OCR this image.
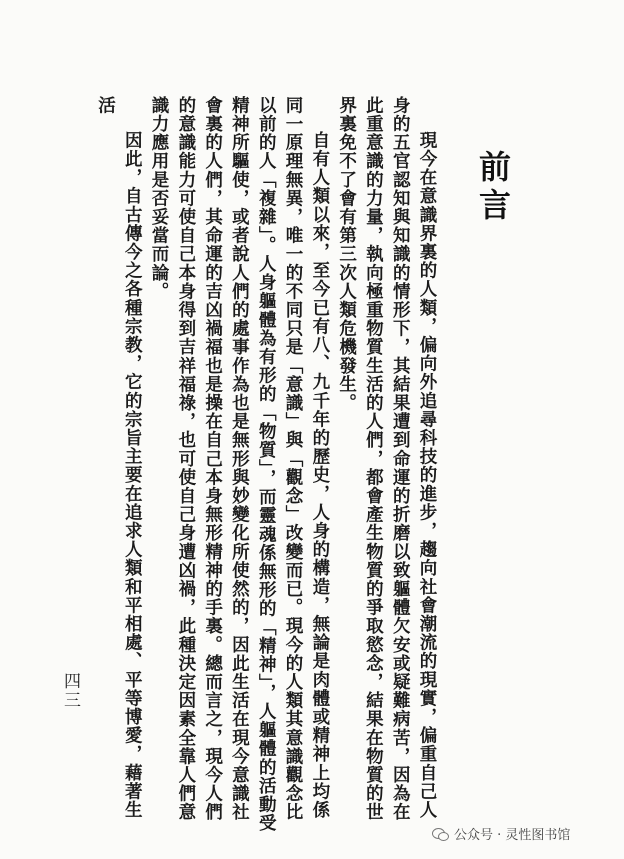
前言

現今在意識界裏的人類，偏向外追尋科技的進步，趨向社會潮流的現實，偏重自己人身的五官認知與知識的情形下，其結果遭到命運的折磨以致軀體欠安或疑難病苦，因為在此重意識的力量，執向極重物質生活的人們，都會產生物質的爭取慾念，結果在物質的世界裏免不了會有第三次人類危機發生。

自有人類以來，至今已有八、九千年的歷史，人身的構造，無論是肉體或精神上均係同一原理無異，唯一的不同只是「意識」與「觀念」改變而已。現今的人類其意識觀念比以前的人「複雜」。人身軀體為有形的「物質」，而靈魂係無形的「精神」，人軀體的活動受精神所驅使，或者說人們的處事作為也是無形與妙變化所使然的，因此生活在現今意識社會裏的人們，其命運的吉凶禍福也是操在自己本身無形精神的手裏。總而言之，現今人們的意識能力可使自己本身得到吉祥福祿，也可使自己身遭凶禍，此種決定因素全靠人們意識力應用是否妥當而論。

因此，自古傳今之各種宗教，它的宗旨主要在追求人類和平相處、平等博愛，藉著生活

四三
公众号 · 灵性图书馆
